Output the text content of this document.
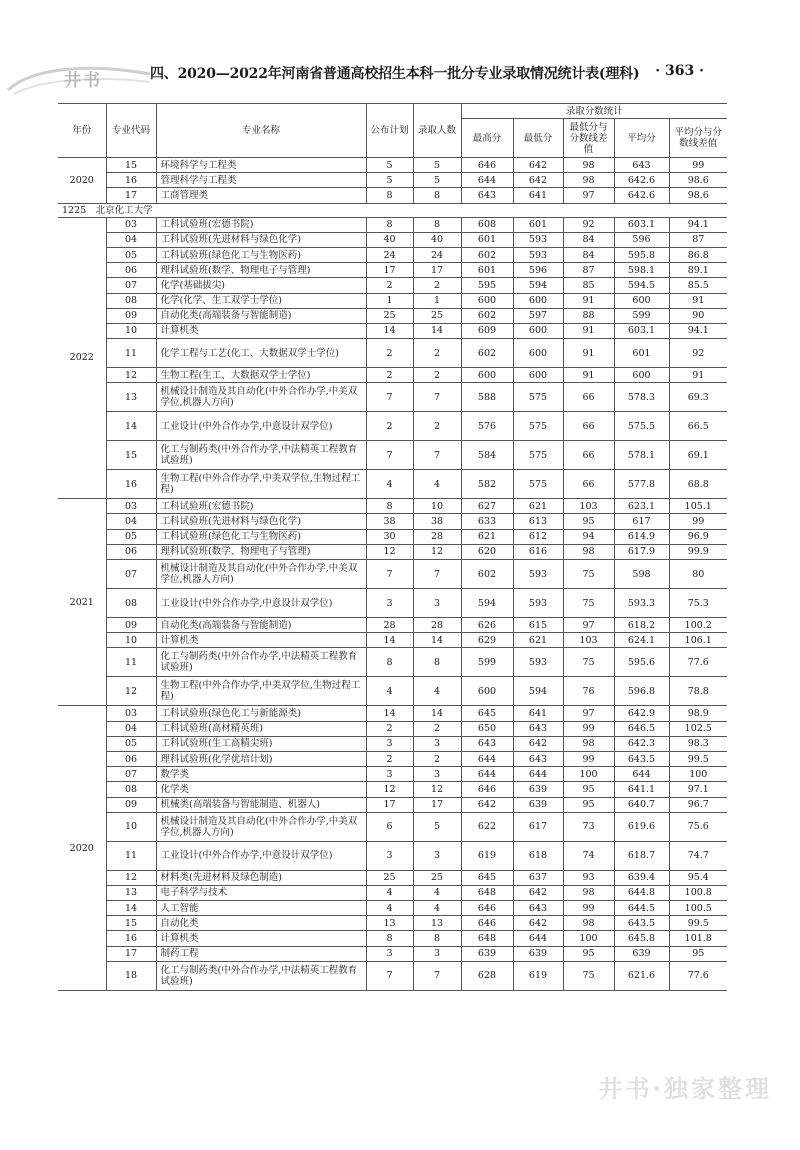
井书	四、2020—2022年河南省普通高校招生本科一批分专业录取情况统计表(理科) · 363 ·
年份	专业代码	专业名称	公布计划	录取人数	录取分数统计				
					最高分	最低分	最低分与分数线差值	平均分	平均分与分数线差值
2020	15	环境科学与工程类	5	5	646	642	98	643	99
	16	管理科学与工程类	5	5	644	642	98	642.6	98.6
	17	工商管理类	8	8	643	641	97	642.6	98.6
1225　北京化工大学									
2022	03	工科试验班(宏德书院)	8	8	608	601	92	603.1	94.1
	04	工科试验班(先进材料与绿色化学)	40	40	601	593	84	596	87
	05	工科试验班(绿色化工与生物医药)	24	24	602	593	84	595.8	86.8
	06	理科试验班(数学、物理电子与管理)	17	17	601	596	87	598.1	89.1
	07	化学(基础拔尖)	2	2	595	594	85	594.5	85.5
	08	化学(化学、生工双学士学位)	1	1	600	600	91	600	91
	09	自动化类(高端装备与智能制造)	25	25	602	597	88	599	90
	10	计算机类	14	14	609	600	91	603.1	94.1
	11	化学工程与工艺(化工、大数据双学士学位)	2	2	602	600	91	601	92
	12	生物工程(生工、大数据双学士学位)	2	2	600	600	91	600	91
	13	机械设计制造及其自动化(中外合作办学,中美双学位,机器人方向)	7	7	588	575	66	578.3	69.3
	14	工业设计(中外合作办学,中意设计双学位)	2	2	576	575	66	575.5	66.5
	15	化工与制药类(中外合作办学,中法精英工程教育试验班)	7	7	584	575	66	578.1	69.1
	16	生物工程(中外合作办学,中美双学位,生物过程工程)	4	4	582	575	66	577.8	68.8
2021	03	工科试验班(宏德书院)	8	10	627	621	103	623.1	105.1
	04	工科试验班(先进材料与绿色化学)	38	38	633	613	95	617	99
	05	工科试验班(绿色化工与生物医药)	30	28	621	612	94	614.9	96.9
	06	理科试验班(数学、物理电子与管理)	12	12	620	616	98	617.9	99.9
	07	机械设计制造及其自动化(中外合作办学,中美双学位,机器人方向)	7	7	602	593	75	598	80
	08	工业设计(中外合作办学,中意设计双学位)	3	3	594	593	75	593.3	75.3
	09	自动化类(高端装备与智能制造)	28	28	626	615	97	618.2	100.2
	10	计算机类	14	14	629	621	103	624.1	106.1
	11	化工与制药类(中外合作办学,中法精英工程教育试验班)	8	8	599	593	75	595.6	77.6
	12	生物工程(中外合作办学,中美双学位,生物过程工程)	4	4	600	594	76	596.8	78.8
2020	03	工科试验班(绿色化工与新能源类)	14	14	645	641	97	642.9	98.9
	04	工科试验班(高材精英班)	2	2	650	643	99	646.5	102.5
	05	工科试验班(生工高精尖班)	3	3	643	642	98	642.3	98.3
	06	理科试验班(化学优培计划)	2	2	644	643	99	643.5	99.5
	07	数学类	3	3	644	644	100	644	100
	08	化学类	12	12	646	639	95	641.1	97.1
	09	机械类(高端装备与智能制造、机器人)	17	17	642	639	95	640.7	96.7
	10	机械设计制造及其自动化(中外合作办学,中美双学位,机器人方向)	6	5	622	617	73	619.6	75.6
	11	工业设计(中外合作办学,中意设计双学位)	3	3	619	618	74	618.7	74.7
	12	材料类(先进材料及绿色制造)	25	25	645	637	93	639.4	95.4
	13	电子科学与技术	4	4	648	642	98	644.8	100.8
	14	人工智能	4	4	646	643	99	644.5	100.5
	15	自动化类	13	13	646	642	98	643.5	99.5
	16	计算机类	8	8	648	644	100	645.8	101.8
	17	制药工程	3	3	639	639	95	639	95
	18	化工与制药类(中外合作办学,中法精英工程教育试验班)	7	7	628	619	75	621.6	77.6
井书·独家整理
